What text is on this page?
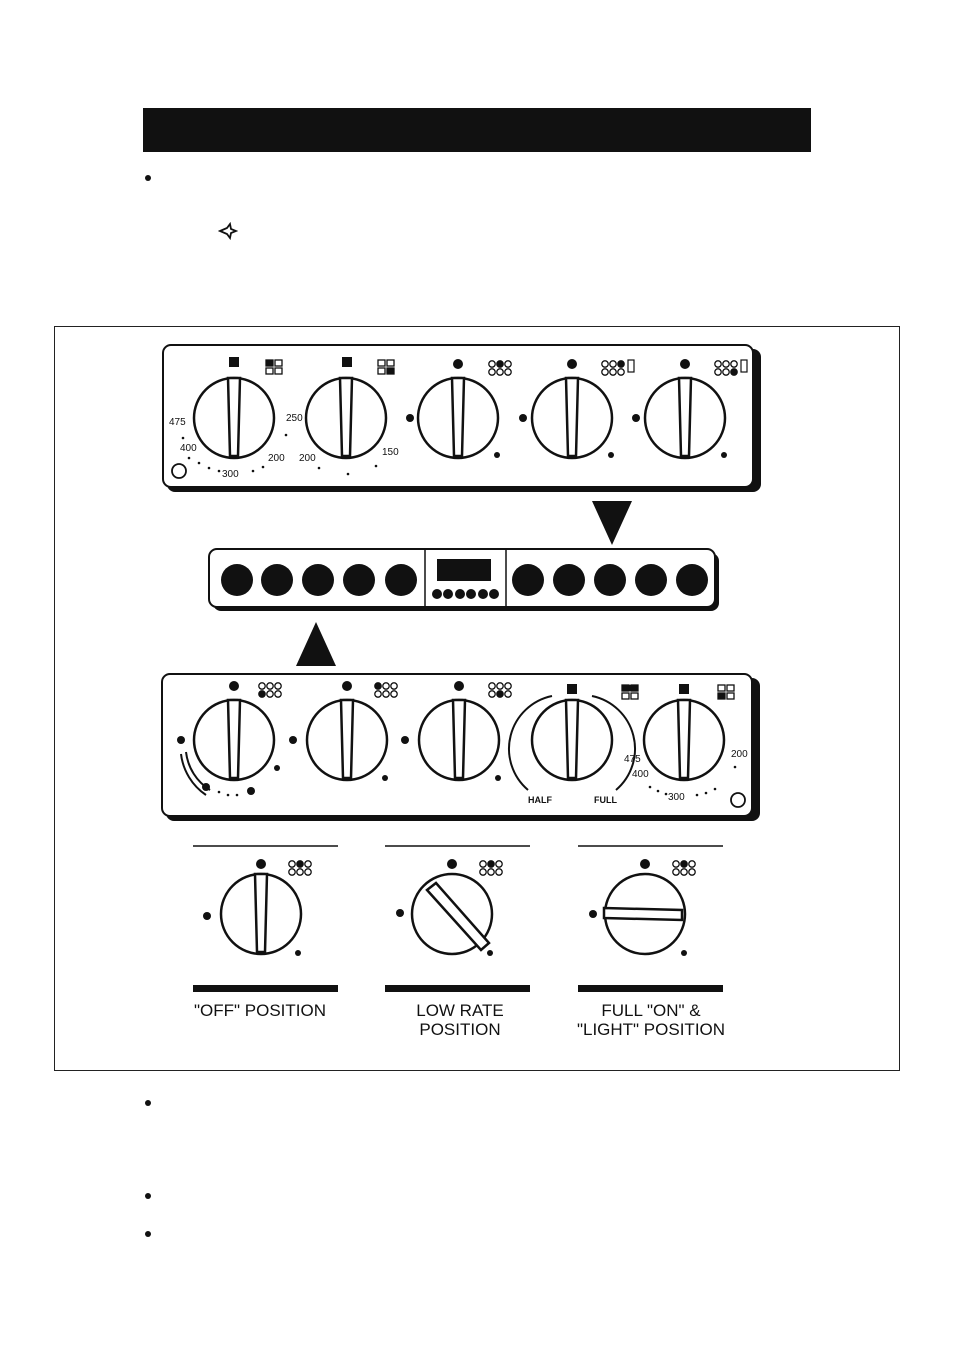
475
400
300
200
250
200
150
HALF	FULL
475
400
300
200
"OFF" POSITION	LOW RATE
POSITION
FULL "ON" &
"LIGHT" POSITION
